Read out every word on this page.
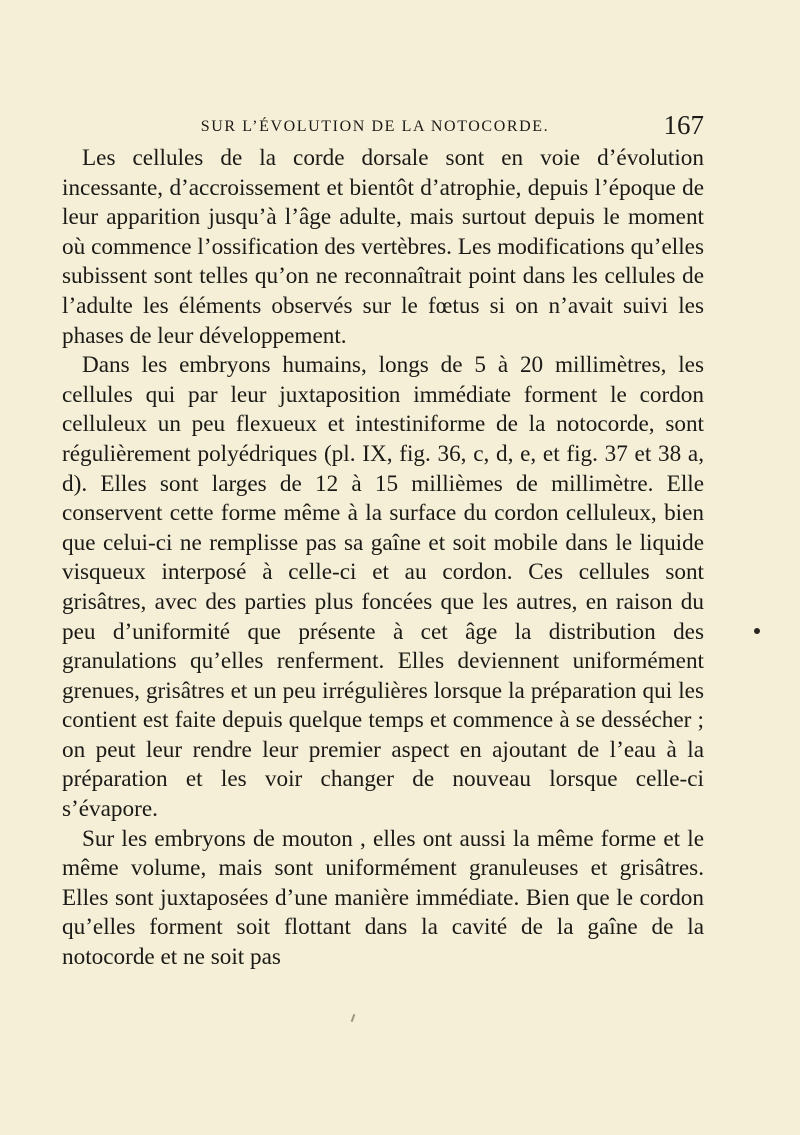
SUR L’ÉVOLUTION DE LA NOTOCORDE.	167

Les cellules de la corde dorsale sont en voie d’évolution incessante, d’accroissement et bientôt d’atrophie, depuis l’époque de leur apparition jusqu’à l’âge adulte, mais surtout depuis le moment où commence l’ossification des vertèbres. Les modifications qu’elles subissent sont telles qu’on ne reconnaîtrait point dans les cellules de l’adulte les éléments observés sur le fœtus si on n’avait suivi les phases de leur développement.

Dans les embryons humains, longs de 5 à 20 millimètres, les cellules qui par leur juxtaposition immédiate forment le cordon celluleux un peu flexueux et intestiniforme de la notocorde, sont régulièrement polyédriques (pl. IX, fig. 36, c, d, e, et fig. 37 et 38 a, d). Elles sont larges de 12 à 15 millièmes de millimètre. Elle conservent cette forme même à la surface du cordon celluleux, bien que celui-ci ne remplisse pas sa gaîne et soit mobile dans le liquide visqueux interposé à celle-ci et au cordon. Ces cellules sont grisâtres, avec des parties plus foncées que les autres, en raison du peu d’uniformité que présente à cet âge la distribution des granulations qu’elles renferment. Elles deviennent uniformément grenues, grisâtres et un peu irrégulières lorsque la préparation qui les contient est faite depuis quelque temps et commence à se dessécher ; on peut leur rendre leur premier aspect en ajoutant de l’eau à la préparation et les voir changer de nouveau lorsque celle-ci s’évapore.

Sur les embryons de mouton , elles ont aussi la même forme et le même volume, mais sont uniformément granuleuses et grisâtres. Elles sont juxtaposées d’une manière immédiate. Bien que le cordon qu’elles forment soit flottant dans la cavité de la gaîne de la notocorde et ne soit pas
